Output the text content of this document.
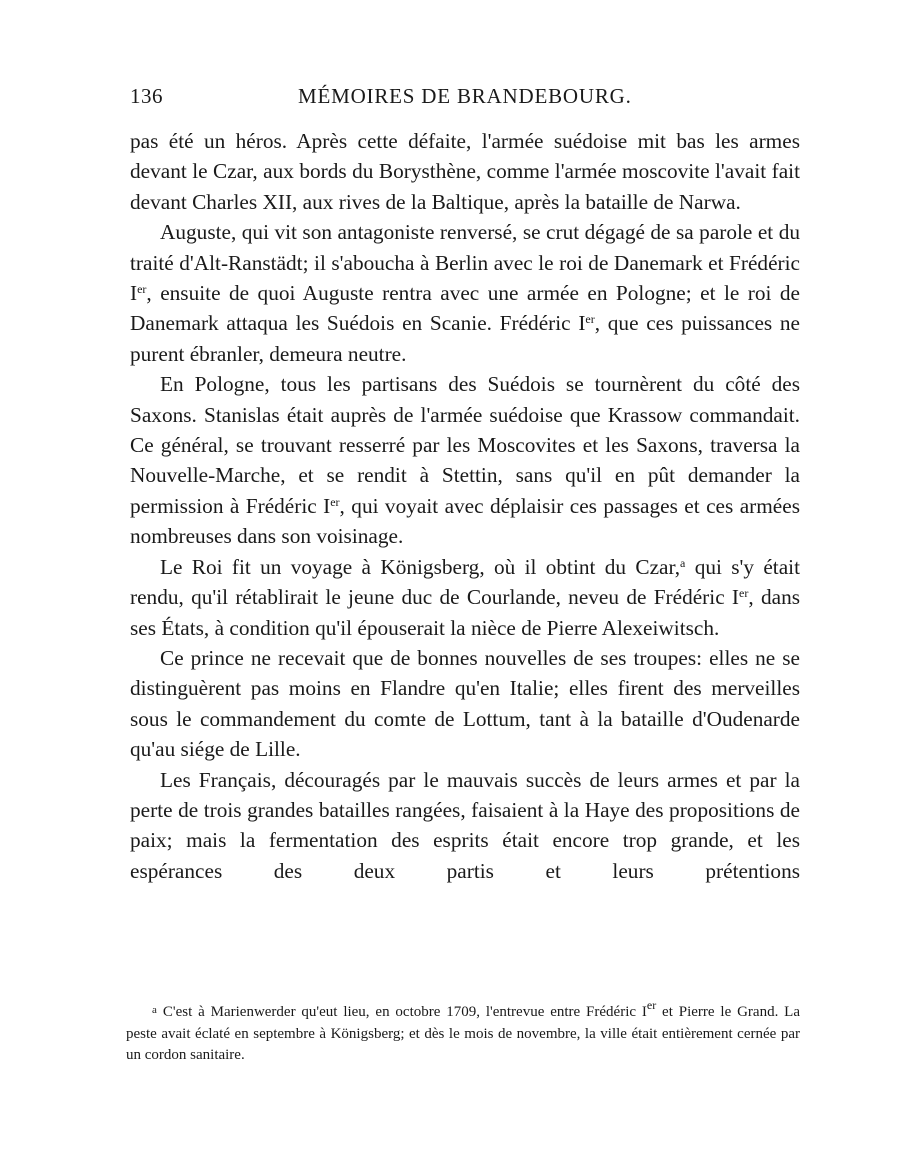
136	MÉMOIRES DE BRANDEBOURG.

pas été un héros. Après cette défaite, l'armée suédoise mit bas les armes devant le Czar, aux bords du Borysthène, comme l'armée moscovite l'avait fait devant Charles XII, aux rives de la Baltique, après la bataille de Narwa.

Auguste, qui vit son antagoniste renversé, se crut dégagé de sa parole et du traité d'Alt-Ranstädt; il s'aboucha à Berlin avec le roi de Danemark et Frédéric Ier, ensuite de quoi Auguste rentra avec une armée en Pologne; et le roi de Danemark attaqua les Suédois en Scanie. Frédéric Ier, que ces puissances ne purent ébranler, demeura neutre.

En Pologne, tous les partisans des Suédois se tournèrent du côté des Saxons. Stanislas était auprès de l'armée suédoise que Krassow commandait. Ce général, se trouvant resserré par les Moscovites et les Saxons, traversa la Nouvelle-Marche, et se rendit à Stettin, sans qu'il en pût demander la permission à Frédéric Ier, qui voyait avec déplaisir ces passages et ces armées nombreuses dans son voisinage.

Le Roi fit un voyage à Königsberg, où il obtint du Czar,$^a$ qui s'y était rendu, qu'il rétablirait le jeune duc de Courlande, neveu de Frédéric Ier, dans ses États, à condition qu'il épouserait la nièce de Pierre Alexeiwitsch.

Ce prince ne recevait que de bonnes nouvelles de ses troupes: elles ne se distinguèrent pas moins en Flandre qu'en Italie; elles firent des merveilles sous le commandement du comte de Lottum, tant à la bataille d'Oudenarde qu'au siége de Lille.

Les Français, découragés par le mauvais succès de leurs armes et par la perte de trois grandes batailles rangées, faisaient à la Haye des propositions de paix; mais la fermentation des esprits était encore trop grande, et les espérances des deux partis et leurs prétentions

$^a$ C'est à Marienwerder qu'eut lieu, en octobre 1709, l'entrevue entre Frédéric Ier et Pierre le Grand. La peste avait éclaté en septembre à Königsberg; et dès le mois de novembre, la ville était entièrement cernée par un cordon sanitaire.
